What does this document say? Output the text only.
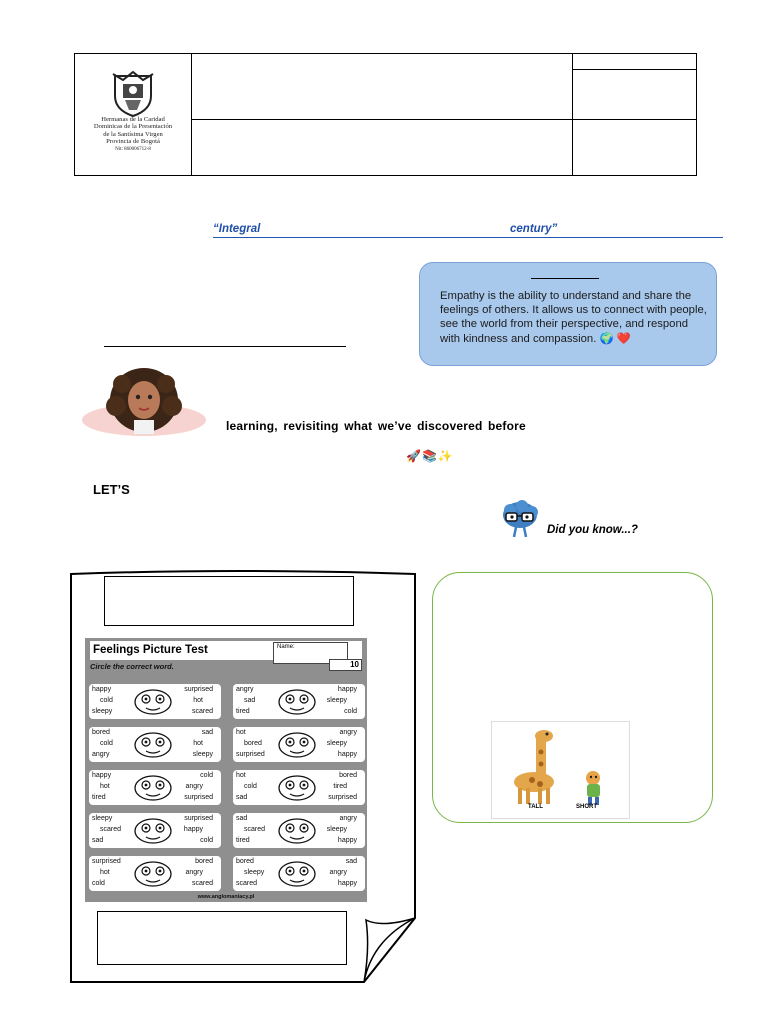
Hermanas de la Caridad
Dominicas de la Presentación
de la Santísima Virgen
Provincia de Bogotá
Nit: 860006712-8
“Integral	century”
Empathy is the ability to understand and share the feelings of others. It allows us to connect with people, see the world from their perspective, and respond with kindness and compassion. 🌍 ❤️
learning, revisiting what we’ve discovered before
🚀📚✨
LET’S
Did you know...?
Feelings Picture Test	Name:
10
Circle the correct word.
happy
cold
sleepy
surprised
hot
scared
angry
sad
tired
happy
sleepy
cold
bored
cold
angry
sad
hot
sleepy
hot
bored
surprised
angry
sleepy
happy
happy
hot
tired
cold
angry
surprised
hot
cold
sad
bored
tired
surprised
sleepy
scared
sad
surprised
happy
cold
sad
scared
tired
angry
sleepy
happy
surprised
hot
cold
bored
angry
scared
bored
sleepy
scared
sad
angry
happy
www.anglomaniacy.pl
TALL	SHORT
